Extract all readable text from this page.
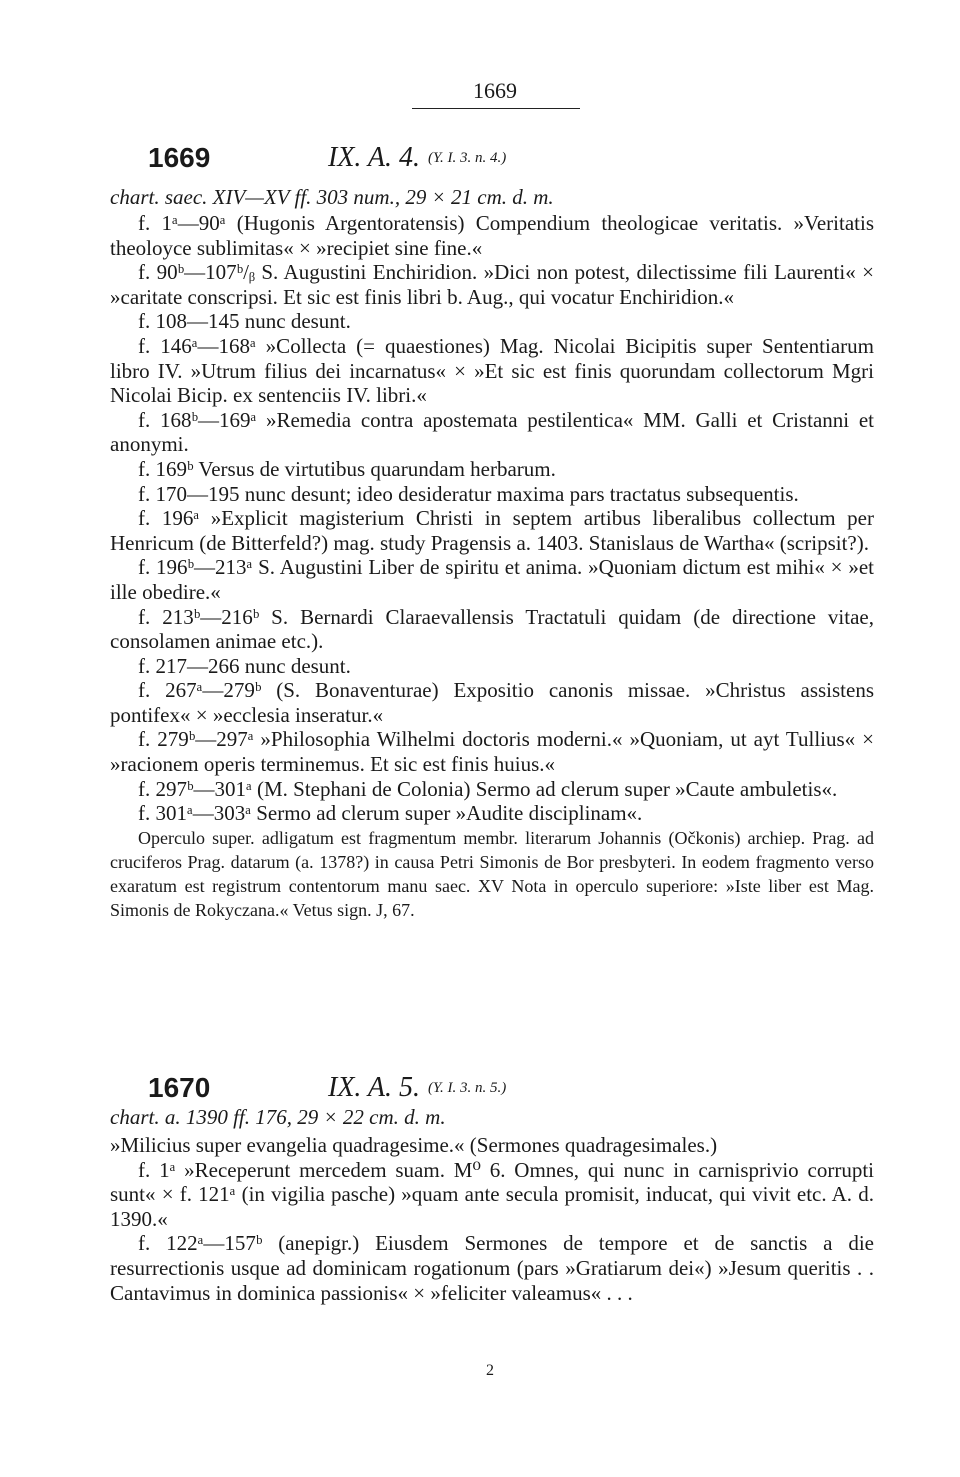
1669
1669	IX. A. 4. (Y. I. 3. n. 4.)
chart. saec. XIV—XV ff. 303 num., 29 × 21 cm. d. m.

f. 1ᵃ—90ᵃ (Hugonis Argentoratensis) Compendium theologicae veritatis. »Veritatis theoloyce sublimitas« × »recipiet sine fine.«

f. 90ᵇ—107ᵇ/ᵦ S. Augustini Enchiridion. »Dici non potest, dilectissime fili Laurenti« × »caritate conscripsi. Et sic est finis libri b. Aug., qui vocatur Enchiridion.«

f. 108—145 nunc desunt.

f. 146ᵃ—168ᵃ »Collecta (= quaestiones) Mag. Nicolai Bicipitis super Sententiarum libro IV. »Utrum filius dei incarnatus« × »Et sic est finis quorundam collectorum Mgri Nicolai Bicip. ex sentenciis IV. libri.«

f. 168ᵇ—169ᵃ »Remedia contra apostemata pestilentica« MM. Galli et Cristanni et anonymi.

f. 169ᵇ Versus de virtutibus quarundam herbarum.

f. 170—195 nunc desunt; ideo desideratur maxima pars tractatus subsequentis.

f. 196ᵃ »Explicit magisterium Christi in septem artibus liberalibus collectum per Henricum (de Bitterfeld?) mag. study Pragensis a. 1403. Stanislaus de Wartha« (scripsit?).

f. 196ᵇ—213ᵃ S. Augustini Liber de spiritu et anima. »Quoniam dictum est mihi« × »et ille obedire.«

f. 213ᵇ—216ᵇ S. Bernardi Claraevallensis Tractatuli quidam (de directione vitae, consolamen animae etc.).

f. 217—266 nunc desunt.

f. 267ᵃ—279ᵇ (S. Bonaventurae) Expositio canonis missae. »Christus assistens pontifex« × »ecclesia inseratur.«

f. 279ᵇ—297ᵃ »Philosophia Wilhelmi doctoris moderni.« »Quoniam, ut ayt Tullius« × »racionem operis terminemus. Et sic est finis huius.«

f. 297ᵇ—301ᵃ (M. Stephani de Colonia) Sermo ad clerum super »Caute ambuletis«.

f. 301ᵃ—303ᵃ Sermo ad clerum super »Audite disciplinam«.

Operculo super. adligatum est fragmentum membr. literarum Johannis (Očkonis) archiep. Prag. ad cruciferos Prag. datarum (a. 1378?) in causa Petri Simonis de Bor presbyteri. In eodem fragmento verso exaratum est registrum contentorum manu saec. XV Nota in operculo superiore: »Iste liber est Mag. Simonis de Rokyczana.« Vetus sign. J, 67.

1670	IX. A. 5. (Y. I. 3. n. 5.)
chart. a. 1390 ff. 176, 29 × 22 cm. d. m.

»Milicius super evangelia quadragesime.« (Sermones quadragesimales.)

f. 1ᵃ »Receperunt mercedem suam. M⁰ 6. Omnes, qui nunc in carnisprivio corrupti sunt« × f. 121ᵃ (in vigilia pasche) »quam ante secula promisit, inducat, qui vivit etc. A. d. 1390.«

f. 122ᵃ—157ᵇ (anepigr.) Eiusdem Sermones de tempore et de sanctis a die resurrectionis usque ad dominicam rogationum (pars »Gratiarum dei«) »Jesum queritis . . Cantavimus in dominica passionis« × »feliciter valeamus« . . .

2
